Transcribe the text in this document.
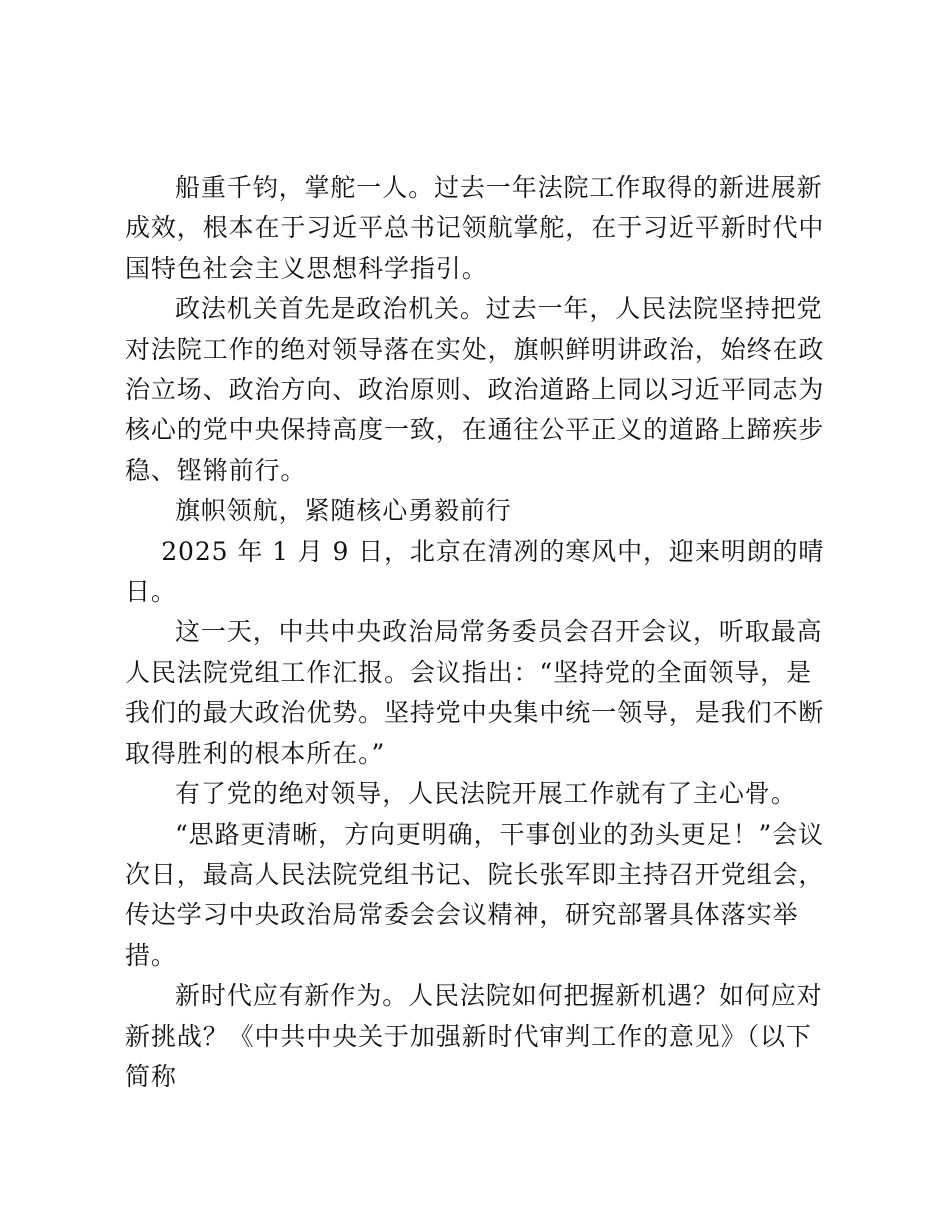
船重千钧，掌舵一人。过去一年法院工作取得的新进展新成效，根本在于习近平总书记领航掌舵，在于习近平新时代中国特色社会主义思想科学指引。

政法机关首先是政治机关。过去一年，人民法院坚持把党对法院工作的绝对领导落在实处，旗帜鲜明讲政治，始终在政治立场、政治方向、政治原则、政治道路上同以习近平同志为核心的党中央保持高度一致，在通往公平正义的道路上蹄疾步稳、铿锵前行。

旗帜领航，紧随核心勇毅前行

2025 年 1 月 9 日，北京在清冽的寒风中，迎来明朗的晴日。

这一天，中共中央政治局常务委员会召开会议，听取最高人民法院党组工作汇报。会议指出：“坚持党的全面领导，是我们的最大政治优势。坚持党中央集中统一领导，是我们不断取得胜利的根本所在。”

有了党的绝对领导，人民法院开展工作就有了主心骨。

“思路更清晰，方向更明确，干事创业的劲头更足！”会议次日，最高人民法院党组书记、院长张军即主持召开党组会，传达学习中央政治局常委会会议精神，研究部署具体落实举措。

新时代应有新作为。人民法院如何把握新机遇？如何应对新挑战？《中共中央关于加强新时代审判工作的意见》（以下简称
